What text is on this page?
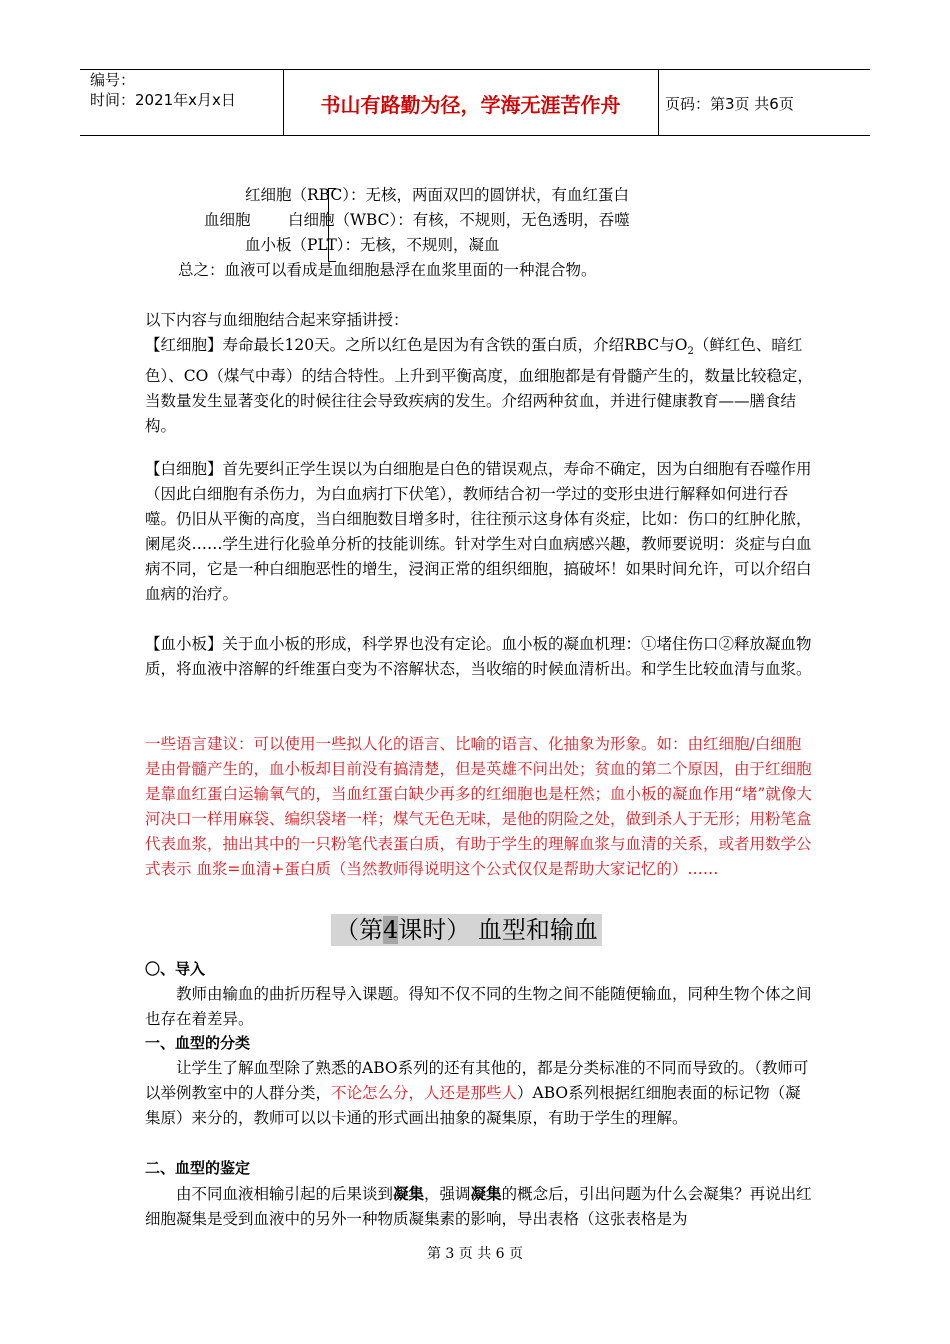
编号：
时间：2021年x月x日	书山有路勤为径，学海无涯苦作舟	页码：第3页 共6页
红细胞（RBC）：无核，两面双凹的圆饼状，有血红蛋白
血细胞 白细胞（WBC）：有核，不规则，无色透明，吞噬
血小板（PLT）：无核，不规则，凝血
总之：血液可以看成是血细胞悬浮在血浆里面的一种混合物。
以下内容与血细胞结合起来穿插讲授：
【红细胞】寿命最长120天。之所以红色是因为有含铁的蛋白质，介绍RBC与$O_2$（鲜红色、暗红色）、CO（煤气中毒）的结合特性。上升到平衡高度，血细胞都是有骨髓产生的，数量比较稳定，当数量发生显著变化的时候往往会导致疾病的发生。介绍两种贫血，并进行健康教育——膳食结构。
【白细胞】首先要纠正学生误以为白细胞是白色的错误观点，寿命不确定，因为白细胞有吞噬作用（因此白细胞有杀伤力，为白血病打下伏笔），教师结合初一学过的变形虫进行解释如何进行吞噬。仍旧从平衡的高度，当白细胞数目增多时，往往预示这身体有炎症，比如：伤口的红肿化脓，阑尾炎……学生进行化验单分析的技能训练。针对学生对白血病感兴趣，教师要说明：炎症与白血病不同，它是一种白细胞恶性的增生，浸润正常的组织细胞，搞破坏！如果时间允许，可以介绍白血病的治疗。
【血小板】关于血小板的形成，科学界也没有定论。血小板的凝血机理：①堵住伤口②释放凝血物质，将血液中溶解的纤维蛋白变为不溶解状态，当收缩的时候血清析出。和学生比较血清与血浆。
一些语言建议：可以使用一些拟人化的语言、比喻的语言、化抽象为形象。如：由红细胞/白细胞是由骨髓产生的，血小板却目前没有搞清楚，但是英雄不问出处；贫血的第二个原因，由于红细胞是靠血红蛋白运输氧气的，当血红蛋白缺少再多的红细胞也是枉然；血小板的凝血作用“堵”就像大河决口一样用麻袋、编织袋堵一样；煤气无色无味，是他的阴险之处，做到杀人于无形；用粉笔盒代表血浆，抽出其中的一只粉笔代表蛋白质，有助于学生的理解血浆与血清的关系，或者用数学公式表示 血浆=血清+蛋白质（当然教师得说明这个公式仅仅是帮助大家记忆的）……
（第4课时） 血型和输血
〇、导入
教师由输血的曲折历程导入课题。得知不仅不同的生物之间不能随便输血，同种生物个体之间也存在着差异。
一、血型的分类
让学生了解血型除了熟悉的ABO系列的还有其他的，都是分类标准的不同而导致的。（教师可以举例教室中的人群分类，不论怎么分，人还是那些人）ABO系列根据红细胞表面的标记物（凝集原）来分的，教师可以以卡通的形式画出抽象的凝集原，有助于学生的理解。
二、血型的鉴定
由不同血液相输引起的后果谈到凝集，强调凝集的概念后，引出问题为什么会凝集？再说出红细胞凝集是受到血液中的另外一种物质凝集素的影响，导出表格（这张表格是为
第 3 页 共 6 页
